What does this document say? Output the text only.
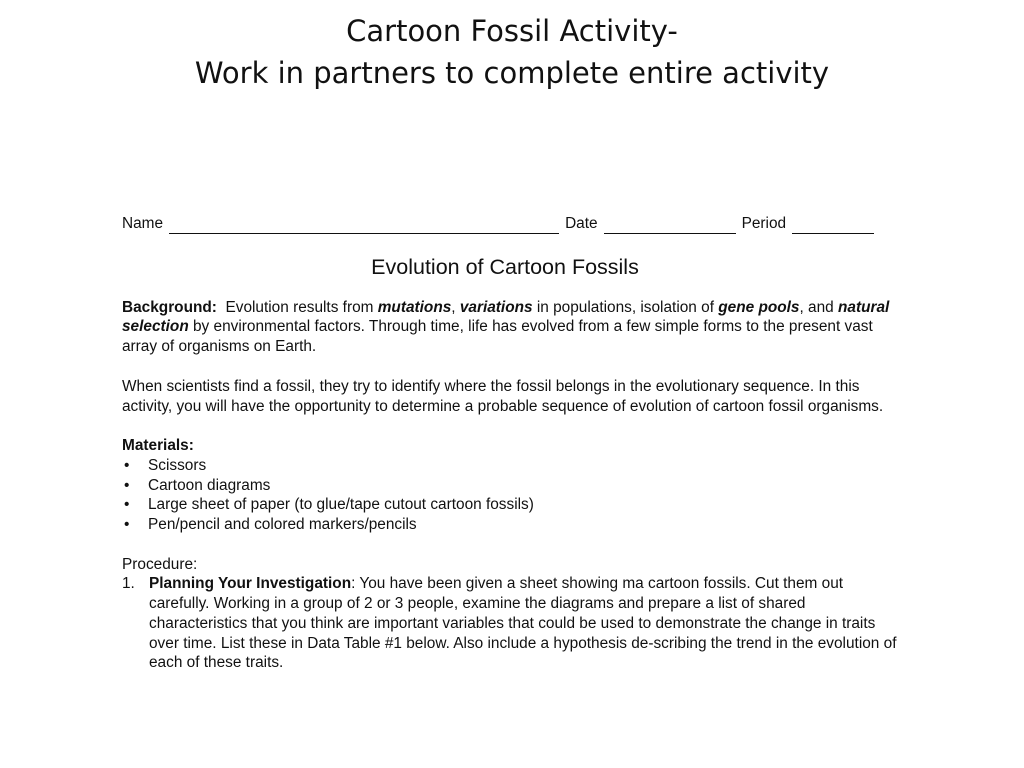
Cartoon Fossil Activity-
Work in partners to complete entire activity
Name	Date	Period
Evolution of Cartoon Fossils
Background: Evolution results from mutations, variations in populations, isolation of gene pools, and natural selection by environmental factors. Through time, life has evolved from a few simple forms to the present vast array of organisms on Earth.
When scientists find a fossil, they try to identify where the fossil belongs in the evolutionary sequence. In this activity, you will have the opportunity to determine a probable sequence of evolution of cartoon fossil organisms.
Materials:
• Scissors
• Cartoon diagrams
• Large sheet of paper (to glue/tape cutout cartoon fossils)
• Pen/pencil and colored markers/pencils
Procedure:
1. Planning Your Investigation: You have been given a sheet showing ma cartoon fossils. Cut them out carefully. Working in a group of 2 or 3 people, examine the diagrams and prepare a list of shared characteristics that you think are important variables that could be used to demonstrate the change in traits over time. List these in Data Table #1 below. Also include a hypothesis de-scribing the trend in the evolution of each of these traits.
